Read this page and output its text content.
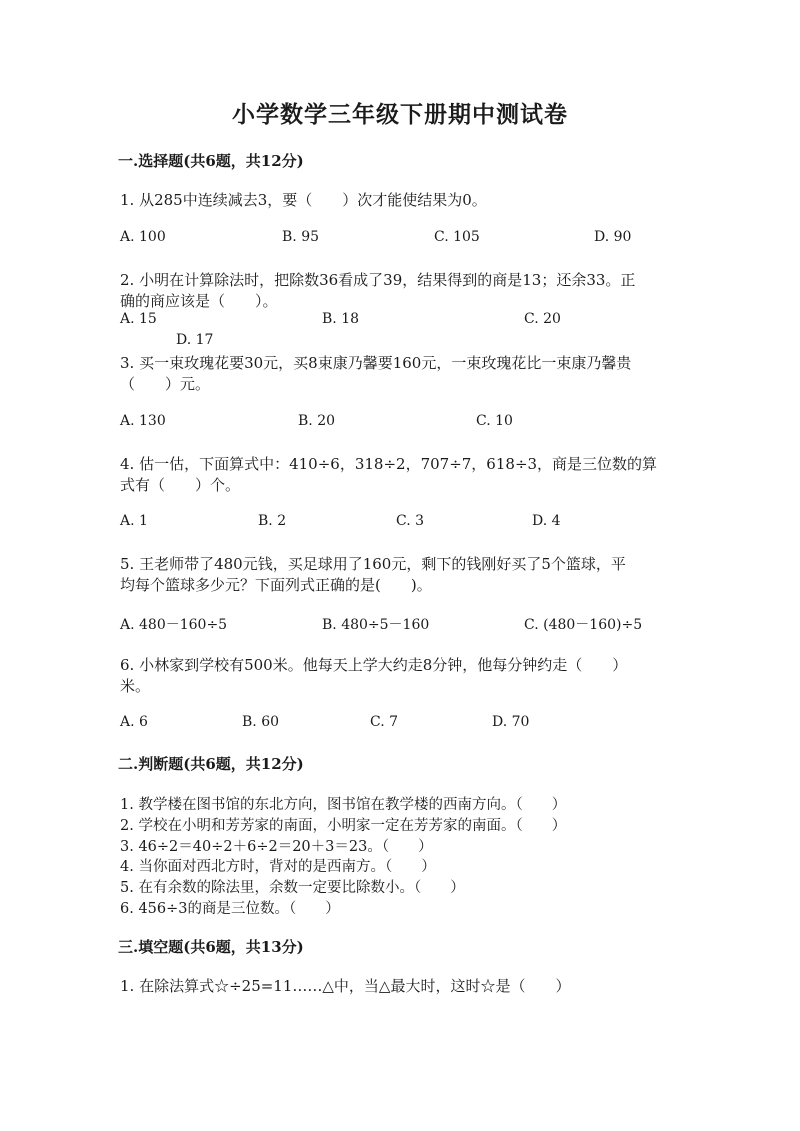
小学数学三年级下册期中测试卷
一.选择题(共6题，共12分)
1. 从285中连续减去3，要（　　）次才能使结果为0。
A. 100	B. 95	C. 105	D. 90
2. 小明在计算除法时，把除数36看成了39，结果得到的商是13；还余33。正
确的商应该是（　　）。
A. 15	B. 18	C. 20
D. 17
3. 买一束玫瑰花要30元，买8束康乃馨要160元，一束玫瑰花比一束康乃馨贵
（　　）元。
A. 130	B. 20	C. 10
4. 估一估，下面算式中：410÷6，318÷2，707÷7，618÷3，商是三位数的算
式有（　　）个。
A. 1	B. 2	C. 3	D. 4
5. 王老师带了480元钱，买足球用了160元，剩下的钱刚好买了5个篮球，平
均每个篮球多少元？下面列式正确的是(　　)。
A. 480－160÷5	B. 480÷5－160	C. (480－160)÷5
6. 小林家到学校有500米。他每天上学大约走8分钟，他每分钟约走（　　）
米。
A. 6	B. 60	C. 7	D. 70
二.判断题(共6题，共12分)
1. 教学楼在图书馆的东北方向，图书馆在教学楼的西南方向。（　　）
2. 学校在小明和芳芳家的南面，小明家一定在芳芳家的南面。（　　）
3. 46÷2＝40÷2＋6÷2＝20＋3＝23。（　　）
4. 当你面对西北方时，背对的是西南方。（　　）
5. 在有余数的除法里，余数一定要比除数小。（　　）
6. 456÷3的商是三位数。（　　）
三.填空题(共6题，共13分)
1. 在除法算式☆÷25=11……△中，当△最大时，这时☆是（　　）
